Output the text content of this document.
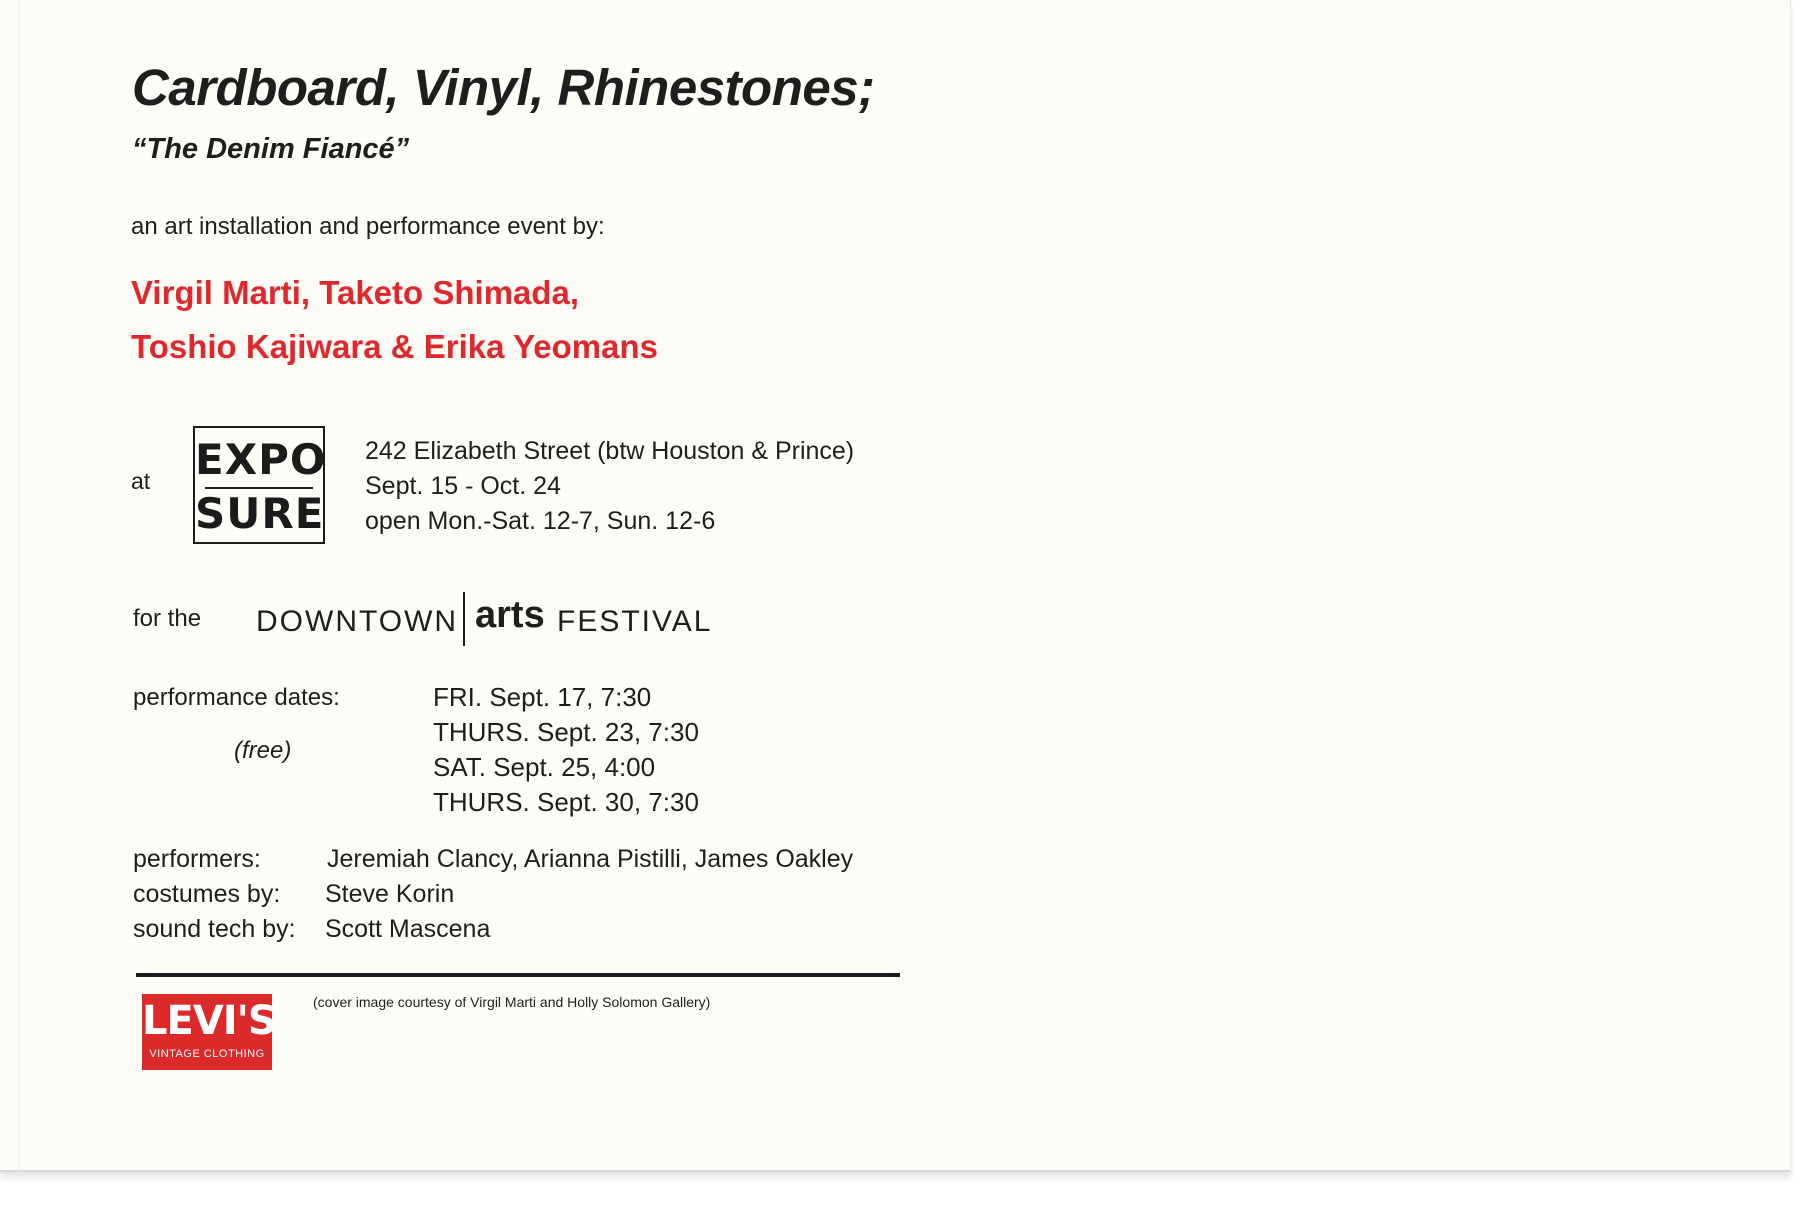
Cardboard, Vinyl, Rhinestones;
“The Denim Fiancé”
an art installation and performance event by:
Virgil Marti, Taketo Shimada,
Toshio Kajiwara & Erika Yeomans
at EXPO
SURE
242 Elizabeth Street (btw Houston & Prince)
Sept. 15 - Oct. 24
open Mon.-Sat. 12-7, Sun. 12-6
for the DOWNTOWN arts FESTIVAL
performance dates:
(free)
FRI. Sept. 17, 7:30
THURS. Sept. 23, 7:30
SAT. Sept. 25, 4:00
THURS. Sept. 30, 7:30
performers:	Jeremiah Clancy, Arianna Pistilli, James Oakley
costumes by: Steve Korin
sound tech by: Scott Mascena
LEVI'S
VINTAGE CLOTHING
(cover image courtesy of Virgil Marti and Holly Solomon Gallery)
